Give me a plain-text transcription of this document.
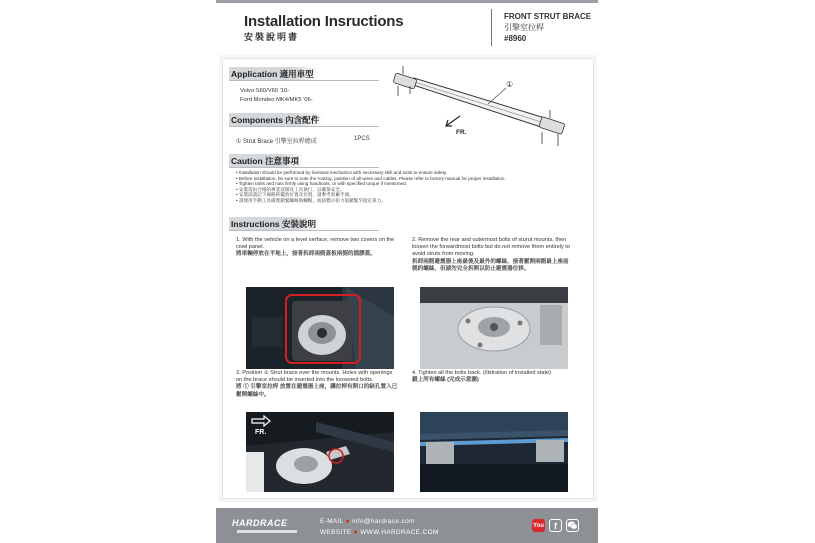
Installation Insructions
安裝說明書
FRONT STRUT BRACE
引擎室拉桿
#8960
Application 適用車型
Volvo S60/V60 '10-
Ford Mondeo MK4/MK5 '06-
①
FR.
Components 內含配件
① Strut Brace 引擎室拉桿總成	1PCS
Caution 注意事項
• Installation should be performed by licensed mechanics with necessary skill and tools to ensure safety.
• Before installation, be sure to note the routing, position of all wires and cables. Please refer to factory manual for proper installation.
• Tighten bolts and nuts firmly using handtools, or with specified torque if mentioned.
• 安裝需由合格的專業技師及工具執行，以確保安全。
• 安裝前請記下線路的擺放位置及位置，請參考原廠手冊。
• 請使用手動工具確實鎖緊螺絲與螺帽，或依標示扭力值鎖緊至指定扭力。
Instructions 安裝說明
1. With the vehicle on a level serface, remove two covers on the cowl panel.
將車輛停放在平地上，接著拆卸兩側蓋板兩側的擋膠蓋。
2. Remove the rear and outermost bolts of sturut mounts, then loosen the forwardmost bolts but do not remove them entirely to avoid struts from moving.
拆卸兩側避震器上座最後及最外的螺絲，接著鬆開兩側最上座前側的螺絲，但請勿完全拆開以防止避震器位移。
3. Position ① Strut brace over the mounts. Holes with openings on the brace should be inserted into the loosened bolts.
將 ① 引擎室拉桿 放置在避震器上座，讓拉桿有開口的缺孔置入已鬆開螺絲中。
FR.
4. Tighten all the bolts back. (Illstration of installed state)
鎖上所有螺絲 (完成示意圖)
HARDRACE	E-MAIL ● info@hardrace.com
WEBSITE ● WWW.HARDRACE.COM
You f
